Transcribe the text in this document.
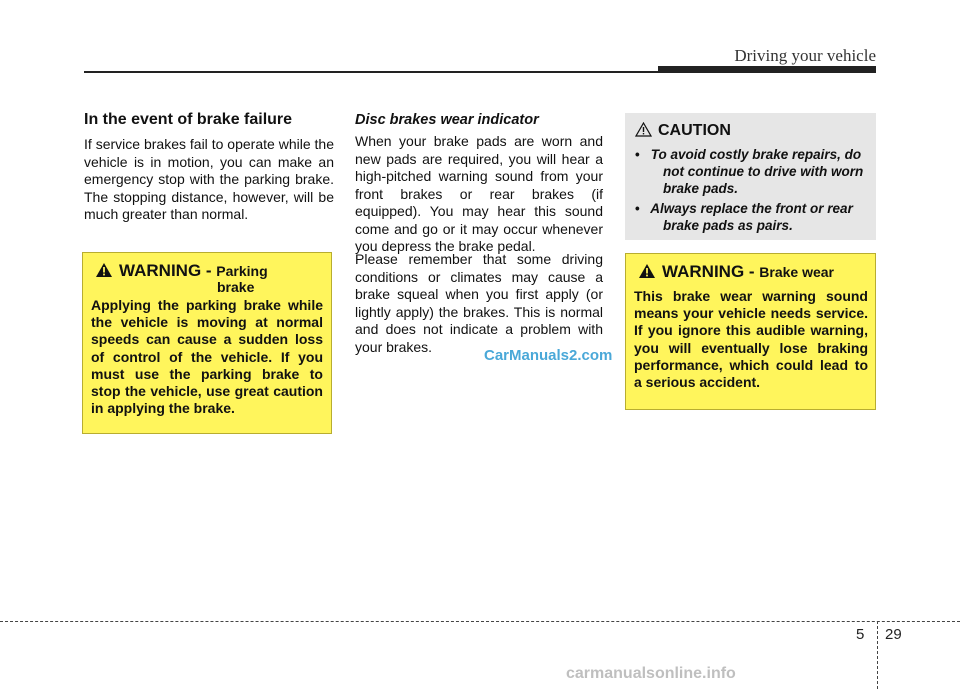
Driving your vehicle
In the event of brake failure
If service brakes fail to operate while the vehicle is in motion, you can make an emergency stop with the parking brake. The stopping distance, however, will be much greater than normal.
WARNING - Parking
brake
Applying the parking brake while the vehicle is moving at normal speeds can cause a sudden loss of control of the vehicle. If you must use the parking brake to stop the vehicle, use great caution in applying the brake.
Disc brakes wear indicator
When your brake pads are worn and new pads are required, you will hear a high-pitched warning sound from your front brakes or rear brakes (if equipped). You may hear this sound come and go or it may occur whenever you depress the brake pedal.
Please remember that some driving conditions or climates may cause a brake squeal when you first apply (or lightly apply) the brakes. This is normal and does not indicate a problem with your brakes.
CarManuals2.com
CAUTION
• To avoid costly brake repairs, do not continue to drive with worn brake pads.
• Always replace the front or rear brake pads as pairs.
WARNING - Brake wear
This brake wear warning sound means your vehicle needs service. If you ignore this audible warning, you will eventually lose braking performance, which could lead to a serious accident.
5 29
carmanualsonline.info
